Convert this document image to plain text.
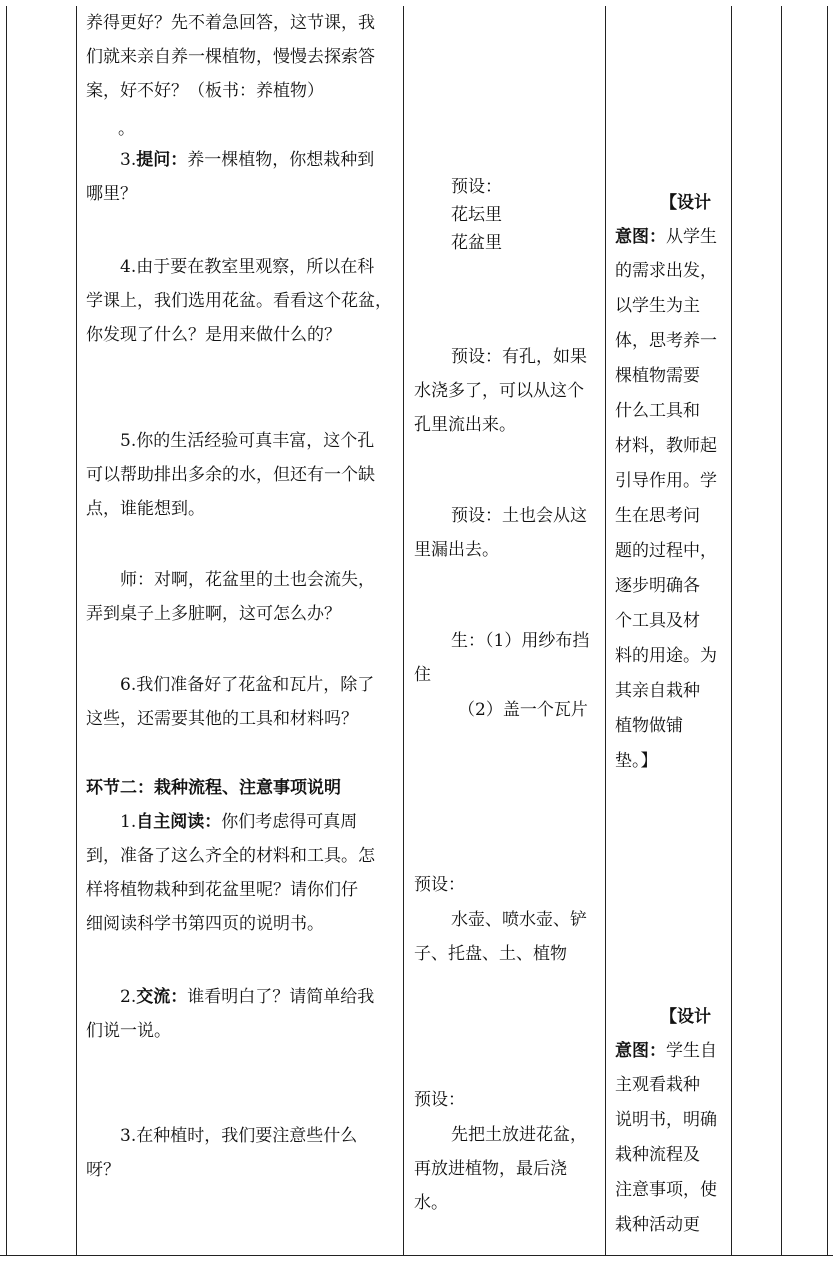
养得更好？先不着急回答，这节课，我
们就来亲自养一棵植物，慢慢去探索答
案，好不好？（板书：养植物）
。
3.提问：养一棵植物，你想栽种到
哪里？
4.由于要在教室里观察，所以在科
学课上，我们选用花盆。看看这个花盆，
你发现了什么？是用来做什么的？
5.你的生活经验可真丰富，这个孔
可以帮助排出多余的水，但还有一个缺
点，谁能想到。
师：对啊，花盆里的土也会流失，
弄到桌子上多脏啊，这可怎么办？
6.我们准备好了花盆和瓦片，除了
这些，还需要其他的工具和材料吗？
环节二：栽种流程、注意事项说明
1.自主阅读：你们考虑得可真周
到，准备了这么齐全的材料和工具。怎
样将植物栽种到花盆里呢？请你们仔
细阅读科学书第四页的说明书。
2.交流：谁看明白了？请简单给我
们说一说。
3.在种植时，我们要注意些什么
呀？
预设：
花坛里
花盆里
预设：有孔，如果
水浇多了，可以从这个
孔里流出来。
预设：土也会从这
里漏出去。
生：（1）用纱布挡
住
（2）盖一个瓦片
预设：
水壶、喷水壶、铲
子、托盘、土、植物
预设：
先把土放进花盆，
再放进植物，最后浇
水。
【设计
意图：从学生
的需求出发，
以学生为主
体，思考养一
棵植物需要
什么工具和
材料，教师起
引导作用。学
生在思考问
题的过程中，
逐步明确各
个工具及材
料的用途。为
其亲自栽种
植物做铺
垫。】
【设计
意图：学生自
主观看栽种
说明书，明确
栽种流程及
注意事项，使
栽种活动更
